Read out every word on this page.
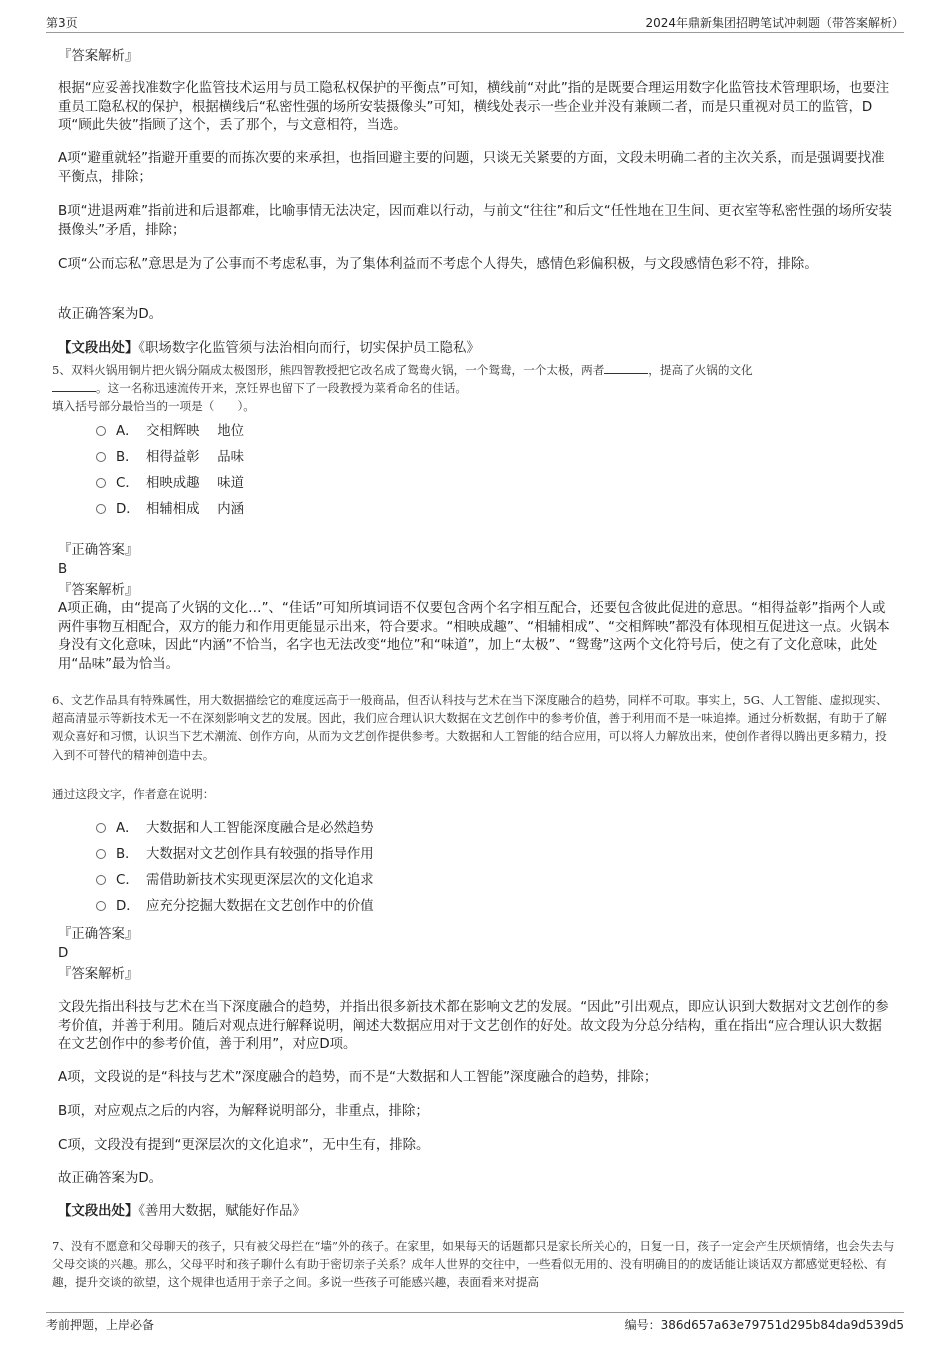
第3页	2024年鼎新集团招聘笔试冲刺题（带答案解析）
『答案解析』
根据“应妥善找准数字化监管技术运用与员工隐私权保护的平衡点”可知，横线前“对此”指的是既要合理运用数字化监管技术管理职场，也要注重员工隐私权的保护，根据横线后“私密性强的场所安装摄像头”可知，横线处表示一些企业并没有兼顾二者，而是只重视对员工的监管，D项“顾此失彼”指顾了这个，丢了那个，与文意相符，当选。
A项“避重就轻”指避开重要的而拣次要的来承担，也指回避主要的问题，只谈无关紧要的方面，文段未明确二者的主次关系，而是强调要找准平衡点，排除；
B项“进退两难”指前进和后退都难，比喻事情无法决定，因而难以行动，与前文“往往”和后文“任性地在卫生间、更衣室等私密性强的场所安装摄像头”矛盾，排除；
C项“公而忘私”意思是为了公事而不考虑私事，为了集体利益而不考虑个人得失，感情色彩偏积极，与文段感情色彩不符，排除。
故正确答案为D。
【文段出处】《职场数字化监管须与法治相向而行，切实保护员工隐私》
5、双料火锅用铜片把火锅分隔成太极图形，熊四智教授把它改名成了鸳鸯火锅，一个鸳鸯，一个太极，两者	，提高了火锅的文化
。这一名称迅速流传开来，烹饪界也留下了一段教授为菜肴命名的佳话。
填入括号部分最恰当的一项是（　　）。
A． 交相辉映　 地位
B． 相得益彰　 品味
C． 相映成趣　 味道
D． 相辅相成　 内涵
『正确答案』
B
『答案解析』
A项正确，由“提高了火锅的文化…”、“佳话”可知所填词语不仅要包含两个名字相互配合，还要包含彼此促进的意思。“相得益彰”指两个人或两件事物互相配合，双方的能力和作用更能显示出来，符合要求。“相映成趣”、“相辅相成”、“交相辉映”都没有体现相互促进这一点。火锅本身没有文化意味，因此“内涵”不恰当，名字也无法改变“地位”和“味道”，加上“太极”、“鸳鸯”这两个文化符号后，使之有了文化意味，此处用“品味”最为恰当。
6、文艺作品具有特殊属性，用大数据描绘它的难度远高于一般商品，但否认科技与艺术在当下深度融合的趋势，同样不可取。事实上，5G、人工智能、虚拟现实、超高清显示等新技术无一不在深刻影响文艺的发展。因此，我们应合理认识大数据在文艺创作中的参考价值，善于利用而不是一味追捧。通过分析数据，有助于了解观众喜好和习惯，认识当下艺术潮流、创作方向，从而为文艺创作提供参考。大数据和人工智能的结合应用，可以将人力解放出来，使创作者得以腾出更多精力，投入到不可替代的精神创造中去。
通过这段文字，作者意在说明：
A． 大数据和人工智能深度融合是必然趋势
B． 大数据对文艺创作具有较强的指导作用
C． 需借助新技术实现更深层次的文化追求
D． 应充分挖掘大数据在文艺创作中的价值
『正确答案』
D
『答案解析』
文段先指出科技与艺术在当下深度融合的趋势，并指出很多新技术都在影响文艺的发展。“因此”引出观点，即应认识到大数据对文艺创作的参考价值，并善于利用。随后对观点进行解释说明，阐述大数据应用对于文艺创作的好处。故文段为分总分结构，重在指出“应合理认识大数据在文艺创作中的参考价值，善于利用”，对应D项。
A项，文段说的是“科技与艺术”深度融合的趋势，而不是“大数据和人工智能”深度融合的趋势，排除；
B项，对应观点之后的内容，为解释说明部分，非重点，排除；
C项，文段没有提到“更深层次的文化追求”，无中生有，排除。
故正确答案为D。
【文段出处】《善用大数据，赋能好作品》
7、没有不愿意和父母聊天的孩子，只有被父母拦在“墙”外的孩子。在家里，如果每天的话题都只是家长所关心的，日复一日，孩子一定会产生厌烦情绪，也会失去与父母交谈的兴趣。那么，父母平时和孩子聊什么有助于密切亲子关系？成年人世界的交往中，一些看似无用的、没有明确目的的废话能让谈话双方都感觉更轻松、有趣，提升交谈的欲望，这个规律也适用于亲子之间。多说一些孩子可能感兴趣，表面看来对提高
考前押题，上岸必备	编号：386d657a63e79751d295b84da9d539d5
